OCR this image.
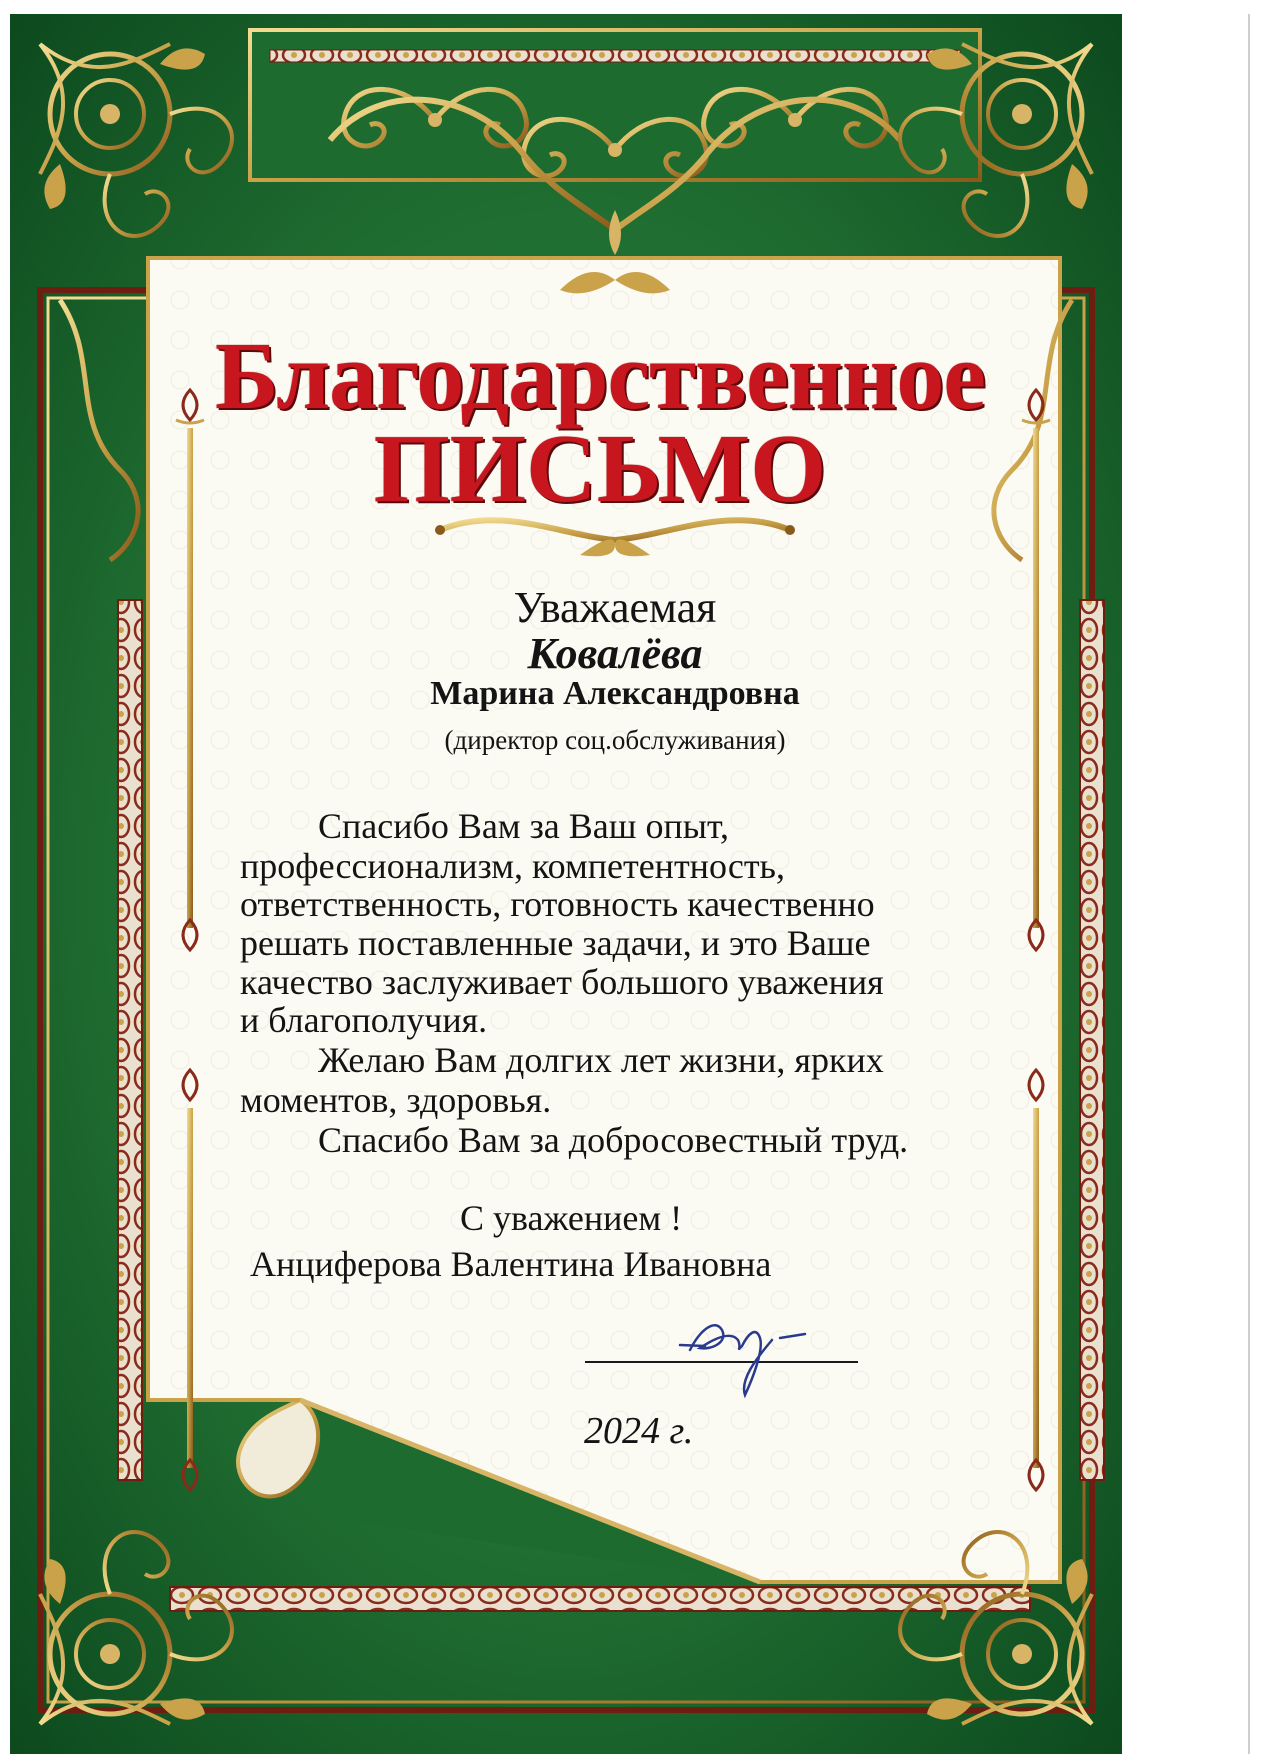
Благодарственное
ПИСЬМО
Уважаемая
Ковалёва
Марина Александровна
(директор соц.обслуживания)
Спасибо Вам за Ваш опыт,
профессионализм, компетентность,
ответственность, готовность качественно
решать поставленные задачи, и это Ваше
качество заслуживает большого уважения
и благополучия.
Желаю Вам долгих лет жизни, ярких
моментов, здоровья.
Спасибо Вам за добросовестный труд.
С уважением !
Анциферова Валентина Ивановна
2024 г.
